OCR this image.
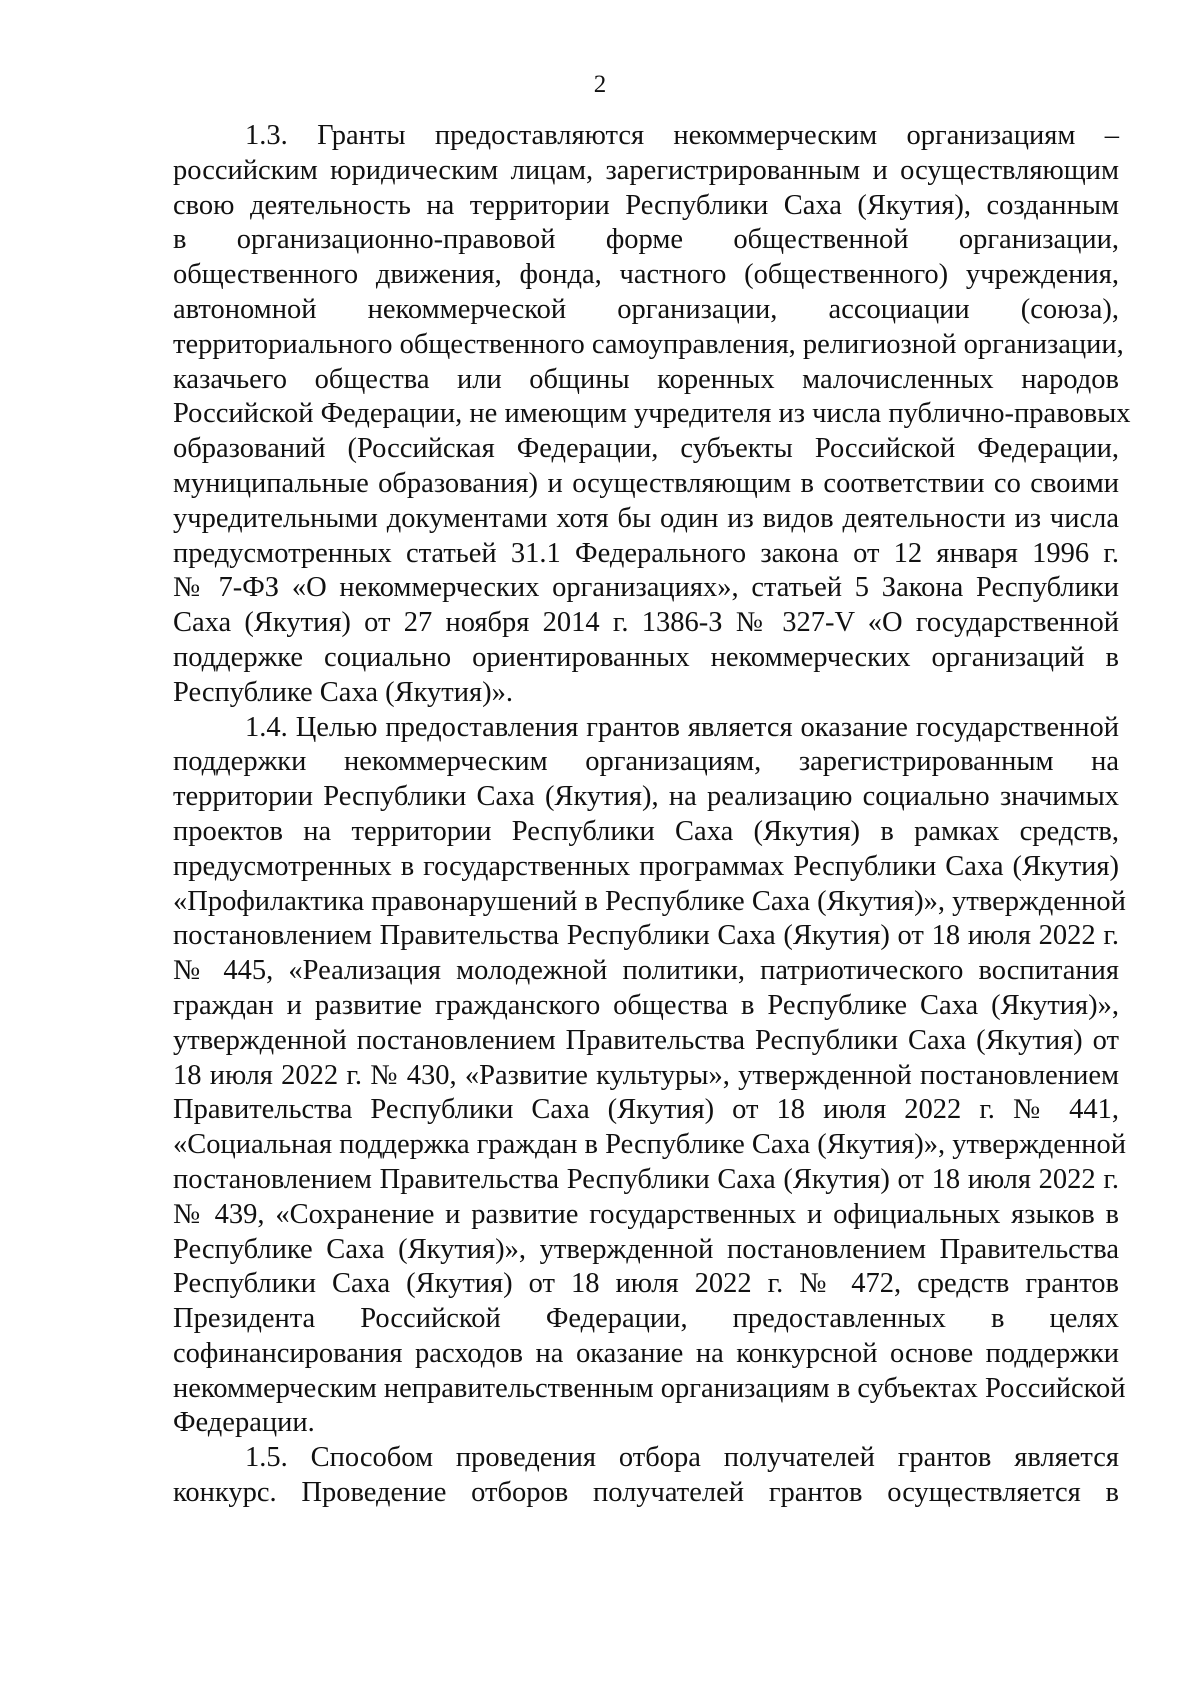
2
1.3. Гранты предоставляются некоммерческим организациям –
российским юридическим лицам, зарегистрированным и осуществляющим
свою деятельность на территории Республики Саха (Якутия), созданным
в организационно-правовой форме общественной организации,
общественного движения, фонда, частного (общественного) учреждения,
автономной некоммерческой организации, ассоциации (союза),
территориального общественного самоуправления, религиозной организации,
казачьего общества или общины коренных малочисленных народов
Российской Федерации, не имеющим учредителя из числа публично-правовых
образований (Российская Федерации, субъекты Российской Федерации,
муниципальные образования) и осуществляющим в соответствии со своими
учредительными документами хотя бы один из видов деятельности из числа
предусмотренных статьей 31.1 Федерального закона от 12 января 1996 г.
№ 7-ФЗ «О некоммерческих организациях», статьей 5 Закона Республики
Саха (Якутия) от 27 ноября 2014 г. 1386-З № 327-V «О государственной
поддержке социально ориентированных некоммерческих организаций в
Республике Саха (Якутия)».
1.4. Целью предоставления грантов является оказание государственной
поддержки некоммерческим организациям, зарегистрированным на
территории Республики Саха (Якутия), на реализацию социально значимых
проектов на территории Республики Саха (Якутия) в рамках средств,
предусмотренных в государственных программах Республики Саха (Якутия)
«Профилактика правонарушений в Республике Саха (Якутия)», утвержденной
постановлением Правительства Республики Саха (Якутия) от 18 июля 2022 г.
№ 445, «Реализация молодежной политики, патриотического воспитания
граждан и развитие гражданского общества в Республике Саха (Якутия)»,
утвержденной постановлением Правительства Республики Саха (Якутия) от
18 июля 2022 г. № 430, «Развитие культуры», утвержденной постановлением
Правительства Республики Саха (Якутия) от 18 июля 2022 г. № 441,
«Социальная поддержка граждан в Республике Саха (Якутия)», утвержденной
постановлением Правительства Республики Саха (Якутия) от 18 июля 2022 г.
№ 439, «Сохранение и развитие государственных и официальных языков в
Республике Саха (Якутия)», утвержденной постановлением Правительства
Республики Саха (Якутия) от 18 июля 2022 г. № 472, средств грантов
Президента Российской Федерации, предоставленных в целях
софинансирования расходов на оказание на конкурсной основе поддержки
некоммерческим неправительственным организациям в субъектах Российской
Федерации.
1.5. Способом проведения отбора получателей грантов является
конкурс. Проведение отборов получателей грантов осуществляется в
